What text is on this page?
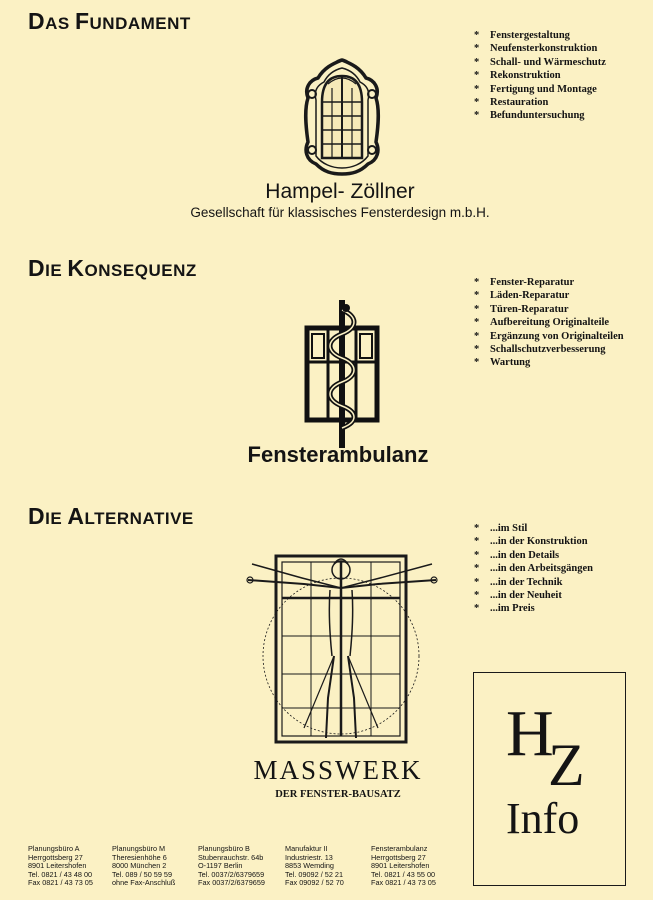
DAS FUNDAMENT
* Fenstergestaltung
* Neufensterkonstruktion
* Schall- und Wärmeschutz
* Rekonstruktion
* Fertigung und Montage
* Restauration
* Befunduntersuchung
Hampel- Zöllner
Gesellschaft für klassisches Fensterdesign m.b.H.
DIE KONSEQUENZ
* Fenster-Reparatur
* Läden-Reparatur
* Türen-Reparatur
* Aufbereitung Originalteile
* Ergänzung von Originalteilen
* Schallschutzverbesserung
* Wartung
Fensterambulanz
DIE ALTERNATIVE
* ...im Stil
* ...in der Konstruktion
* ...in den Details
* ...in den Arbeitsgängen
* ...in der Technik
* ...in der Neuheit
* ...im Preis
MASSWERK
DER FENSTER-BAUSATZ
H
Z
Info
Planungsbüro A
Herrgottsberg 27
8901 Leitershofen
Tel. 0821 / 43 48 00
Fax 0821 / 43 73 05
Planungsbüro M
Theresienhöhe 6
8000 München 2
Tel. 089 / 50 59 59
ohne Fax-Anschluß
Planungsbüro B
Stubenrauchstr. 64b
O-1197 Berlin
Tel. 0037/2/6379659
Fax 0037/2/6379659
Manufaktur II
Industriestr. 13
8853 Wemding
Tel. 09092 / 52 21
Fax 09092 / 52 70
Fensterambulanz
Herrgottsberg 27
8901 Leitershofen
Tel. 0821 / 43 55 00
Fax 0821 / 43 73 05
